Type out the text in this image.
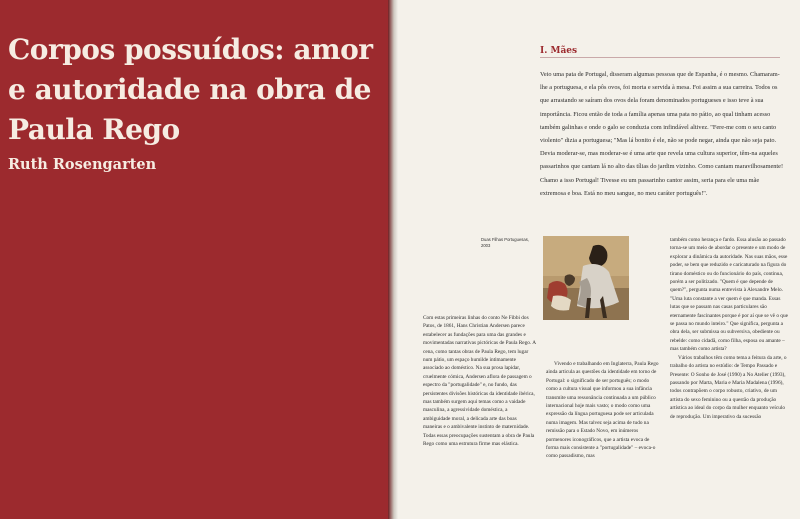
Corpos possuídos: amor e autoridade na obra de Paula Rego
Ruth Rosengarten
I. Mães
Veio uma pata de Portugal, disseram algumas pessoas que de Espanha, é o mesmo. Chamaram-lhe a portuguesa, e ela pôs ovos, foi morta e servida à mesa. Foi assim a sua carreira. Todos os que arrastando se saíram dos ovos dela foram denominados portugueses e isso teve à sua importância. Ficou então de toda a família apenas uma pata no pátio, ao qual tinham acesso também galinhas e onde o galo se conduzia com infindável altivez. "Fere-me com o seu canto violento" dizia a portuguesa; "Mas lá bonito é ele, não se pode negar, ainda que não seja pato. Devia moderar-se, mas moderar-se é uma arte que revela uma cultura superior, têm-na aqueles passarinhos que cantam lá no alto das tílias do jardim vizinho. Como cantam maravilhosamente! Chamo a isso Portugal! Tivesse eu um passarinho cantor assim, seria para ele uma mãe extremosa e boa. Está no meu sangue, no meu caráter português!".
Duas Filhas Portuguesas, 2003

Com estas primeiras linhas do conto Ne Fibbi dos Patos, de 1861, Hans Christian Andersen parece estabelecer as fundações para uma das grandes e movimentadas narrativas pictóricas de Paula Rego. A cena, como tantas obras de Paula Rego, tem lugar num pátio, um espaço humilde intimamente associado ao doméstico. Na sua prosa lapidar, cruelmente cómica, Andersen aflora de passagem o espectro da "portugalidade" e, no fundo, das persistentes divisões históricas da identidade ibérica, mas também surgem aqui temas como a vaidade masculina, a agressividade doméstica, a ambiguidade moral, a delicada arte das boas maneiras e o ambivalente instinto de maternidade. Todas essas preocupações sustentam a obra de Paula Rego como uma estrutura firme mas elástica.

Vivendo e trabalhando em Inglaterra, Paula Rego ainda articula as questões da identidade em torno de Portugal: o significado de ser português; o modo como a cultura visual que informou a sua infância transmite uma ressonância continuada a um público internacional hoje mais vasto; o modo como uma expressão da língua portuguesa pode ser articulada numa imagem. Mas talvez seja acima de tudo na remissão para o Estado Novo, em inúmeros pormenores iconográficos, que a artista evoca de forma mais consistente a "portugalidade" – evoca-o como passadismo, mas

também como herança e fardo. Essa alusão ao passado torna-se um meio de abordar o presente e um modo de explorar a dinâmica da autoridade. Nas suas mãos, esse poder, se bem que reduzido e caricaturado na figura do tirano doméstico ou do funcionário do país, continua, porém a ser politizado. "Quem é que depende de quem?", pergunta numa entrevista à Alexandre Melo. "Uma luta constante a ver quem é que manda. Essas lutas que se passam nas casas particulares são eternamente fascinantes porque é por aí que se vê o que se passa no mundo inteiro." Que significa, pergunta a obra dela, ser submissa ou subversiva, obediente ou rebelde: como cidadã, como filha, esposa ou amante – mas também como artista?

Vários trabalhos têm como tema a feitura da arte, o trabalho do artista no estúdio: de Tempo Passado e Presente: O Sonho de José (1990) a No Atelier (1993), passando por Marta, Maria e Maria Madalena (1996), todos contrapõem o corpo robusto, criativo, de um artista do sexo feminino ou a questão da produção artística ao ideal do corpo da mulher enquanto veículo de reprodução. Um imperativo da sucessão
